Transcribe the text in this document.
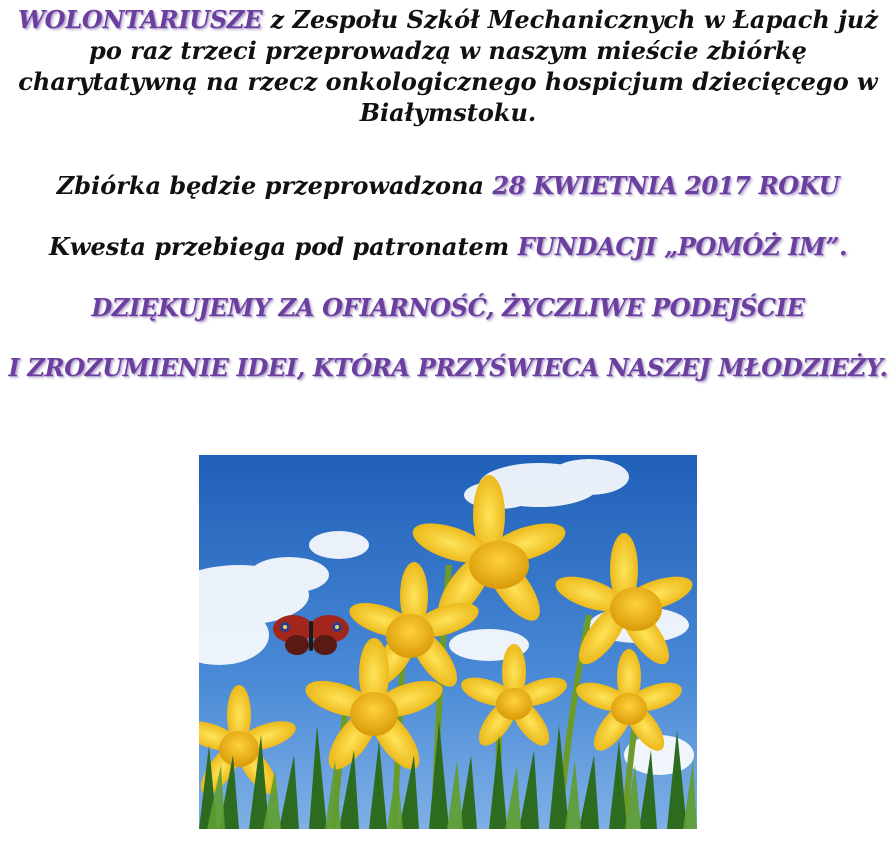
WOLONTARIUSZE z Zespołu Szkół Mechanicznych w Łapach już po raz trzeci przeprowadzą w naszym mieście zbiórkę charytatywną na rzecz onkologicznego hospicjum dziecięcego w Białymstoku.

Zbiórka będzie przeprowadzona 28 KWIETNIA 2017 ROKU

Kwesta przebiega pod patronatem FUNDACJI „POMÓŻ IM”.

DZIĘKUJEMY ZA OFIARNOŚĆ, ŻYCZLIWE PODEJŚCIE

I ZROZUMIENIE IDEI, KTÓRA PRZYŚWIECA NASZEJ MŁODZIEŻY.
